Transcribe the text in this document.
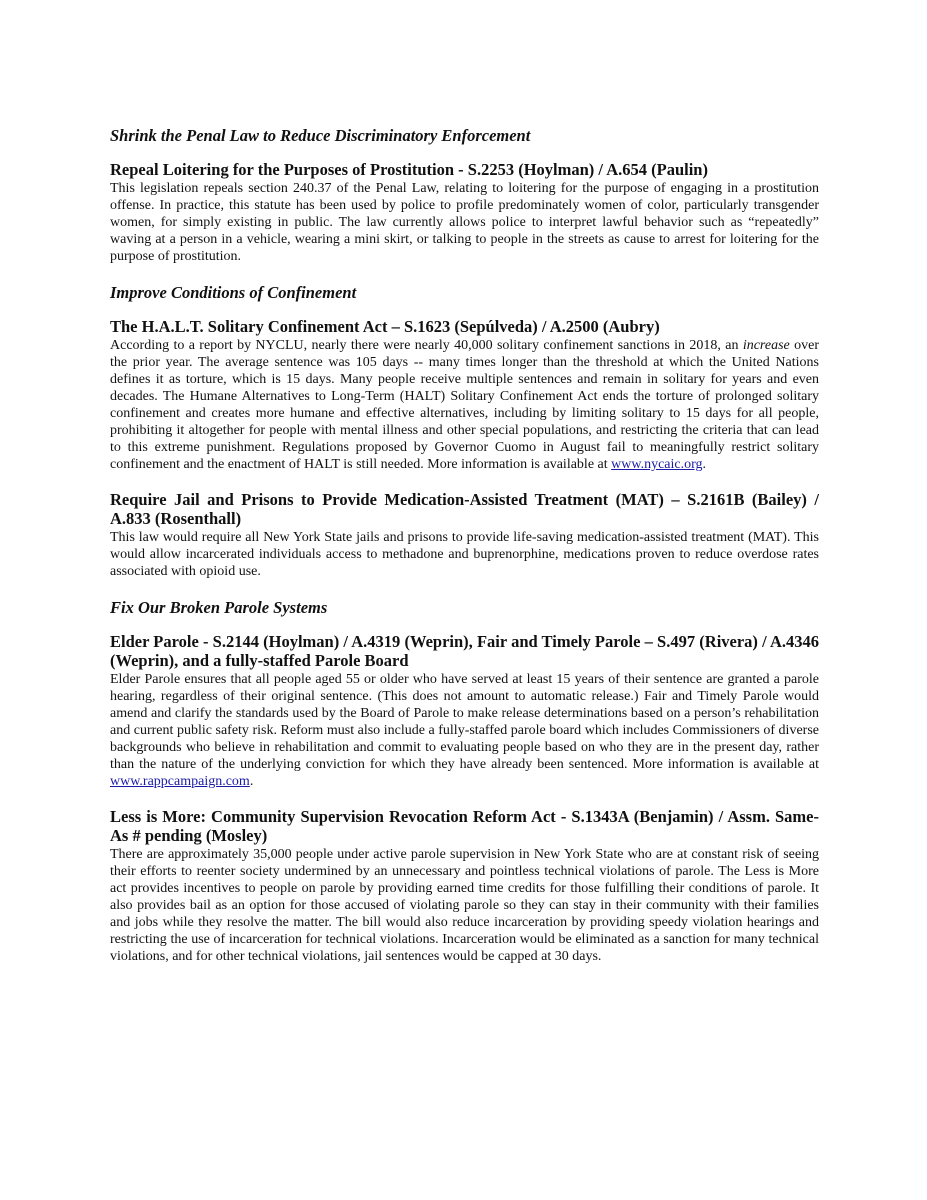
Shrink the Penal Law to Reduce Discriminatory Enforcement
Repeal Loitering for the Purposes of Prostitution - S.2253 (Hoylman) / A.654 (Paulin)

This legislation repeals section 240.37 of the Penal Law, relating to loitering for the purpose of engaging in a prostitution offense. In practice, this statute has been used by police to profile predominately women of color, particularly transgender women, for simply existing in public. The law currently allows police to interpret lawful behavior such as “repeatedly” waving at a person in a vehicle, wearing a mini skirt, or talking to people in the streets as cause to arrest for loitering for the purpose of prostitution.

Improve Conditions of Confinement
The H.A.L.T. Solitary Confinement Act – S.1623 (Sepúlveda) / A.2500 (Aubry)

According to a report by NYCLU, nearly there were nearly 40,000 solitary confinement sanctions in 2018, an increase over the prior year. The average sentence was 105 days -- many times longer than the threshold at which the United Nations defines it as torture, which is 15 days. Many people receive multiple sentences and remain in solitary for years and even decades. The Humane Alternatives to Long-Term (HALT) Solitary Confinement Act ends the torture of prolonged solitary confinement and creates more humane and effective alternatives, including by limiting solitary to 15 days for all people, prohibiting it altogether for people with mental illness and other special populations, and restricting the criteria that can lead to this extreme punishment. Regulations proposed by Governor Cuomo in August fail to meaningfully restrict solitary confinement and the enactment of HALT is still needed. More information is available at www.nycaic.org.

Require Jail and Prisons to Provide Medication-Assisted Treatment (MAT) – S.2161B (Bailey) / A.833 (Rosenthall)

This law would require all New York State jails and prisons to provide life-saving medication-assisted treatment (MAT). This would allow incarcerated individuals access to methadone and buprenorphine, medications proven to reduce overdose rates associated with opioid use.

Fix Our Broken Parole Systems
Elder Parole - S.2144 (Hoylman) / A.4319 (Weprin), Fair and Timely Parole – S.497 (Rivera) / A.4346 (Weprin), and a fully-staffed Parole Board

Elder Parole ensures that all people aged 55 or older who have served at least 15 years of their sentence are granted a parole hearing, regardless of their original sentence. (This does not amount to automatic release.) Fair and Timely Parole would amend and clarify the standards used by the Board of Parole to make release determinations based on a person’s rehabilitation and current public safety risk. Reform must also include a fully-staffed parole board which includes Commissioners of diverse backgrounds who believe in rehabilitation and commit to evaluating people based on who they are in the present day, rather than the nature of the underlying conviction for which they have already been sentenced. More information is available at www.rappcampaign.com.

Less is More: Community Supervision Revocation Reform Act - S.1343A (Benjamin) / Assm. Same-As # pending (Mosley)

There are approximately 35,000 people under active parole supervision in New York State who are at constant risk of seeing their efforts to reenter society undermined by an unnecessary and pointless technical violations of parole. The Less is More act provides incentives to people on parole by providing earned time credits for those fulfilling their conditions of parole. It also provides bail as an option for those accused of violating parole so they can stay in their community with their families and jobs while they resolve the matter. The bill would also reduce incarceration by providing speedy violation hearings and restricting the use of incarceration for technical violations. Incarceration would be eliminated as a sanction for many technical violations, and for other technical violations, jail sentences would be capped at 30 days.
